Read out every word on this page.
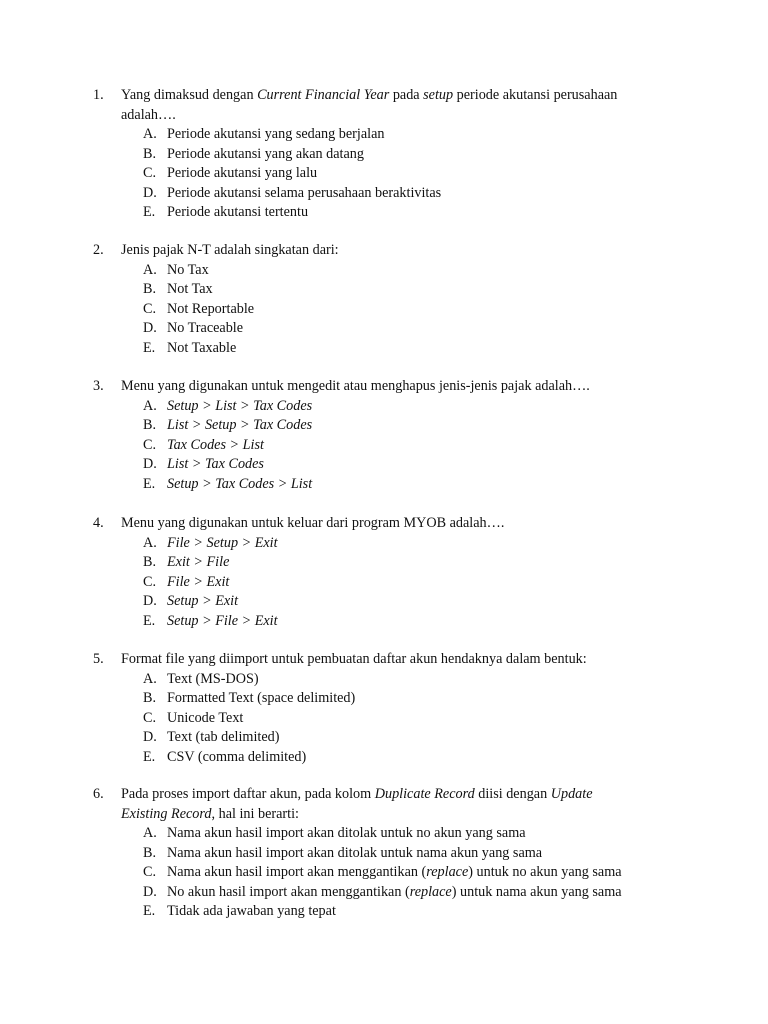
1. Yang dimaksud dengan Current Financial Year pada setup periode akutansi perusahaan
adalah….
A. Periode akutansi yang sedang berjalan
B. Periode akutansi yang akan datang
C. Periode akutansi yang lalu
D. Periode akutansi selama perusahaan beraktivitas
E. Periode akutansi tertentu
2. Jenis pajak N-T adalah singkatan dari:
A. No Tax
B. Not Tax
C. Not Reportable
D. No Traceable
E. Not Taxable
3. Menu yang digunakan untuk mengedit atau menghapus jenis-jenis pajak adalah….
A. Setup > List > Tax Codes
B. List > Setup > Tax Codes
C. Tax Codes > List
D. List > Tax Codes
E. Setup > Tax Codes > List
4. Menu yang digunakan untuk keluar dari program MYOB adalah….
A. File > Setup > Exit
B. Exit > File
C. File > Exit
D. Setup > Exit
E. Setup > File > Exit
5. Format file yang diimport untuk pembuatan daftar akun hendaknya dalam bentuk:
A. Text (MS-DOS)
B. Formatted Text (space delimited)
C. Unicode Text
D. Text (tab delimited)
E. CSV (comma delimited)
6. Pada proses import daftar akun, pada kolom Duplicate Record diisi dengan Update
Existing Record, hal ini berarti:
A. Nama akun hasil import akan ditolak untuk no akun yang sama
B. Nama akun hasil import akan ditolak untuk nama akun yang sama
C. Nama akun hasil import akan menggantikan (replace) untuk no akun yang sama
D. No akun hasil import akan menggantikan (replace) untuk nama akun yang sama
E. Tidak ada jawaban yang tepat
